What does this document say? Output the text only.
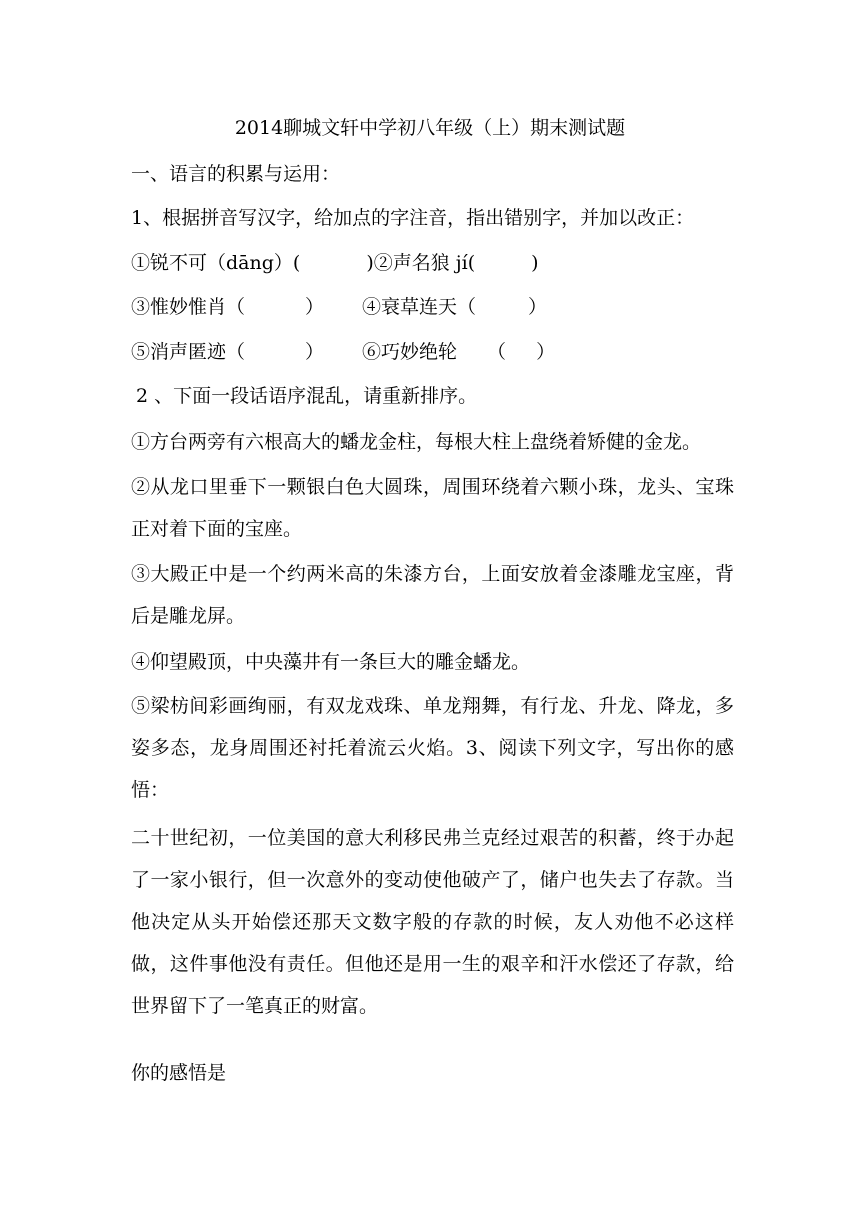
2014聊城文轩中学初八年级（上）期末测试题
一、语言的积累与运用：
1、根据拼音写汉字，给加点的字注音，指出错别字，并加以改正：
①锐不可（dāng）(	)②声名狼 jí(	)
③惟妙惟肖（	） ④衰草连天（	）
⑤消声匿迹（	） ⑥巧妙绝轮 （ ）
2 、下面一段话语序混乱，请重新排序。
①方台两旁有六根高大的蟠龙金柱，每根大柱上盘绕着矫健的金龙。
②从龙口里垂下一颗银白色大圆珠，周围环绕着六颗小珠，龙头、宝珠正对着下面的宝座。
③大殿正中是一个约两米高的朱漆方台，上面安放着金漆雕龙宝座，背后是雕龙屏。
④仰望殿顶，中央藻井有一条巨大的雕金蟠龙。
⑤梁枋间彩画绚丽，有双龙戏珠、单龙翔舞，有行龙、升龙、降龙，多姿多态，龙身周围还衬托着流云火焰。3、阅读下列文字，写出你的感悟：
二十世纪初，一位美国的意大利移民弗兰克经过艰苦的积蓄，终于办起了一家小银行，但一次意外的变动使他破产了，储户也失去了存款。当他决定从头开始偿还那天文数字般的存款的时候，友人劝他不必这样做，这件事他没有责任。但他还是用一生的艰辛和汗水偿还了存款，给世界留下了一笔真正的财富。
你的感悟是
